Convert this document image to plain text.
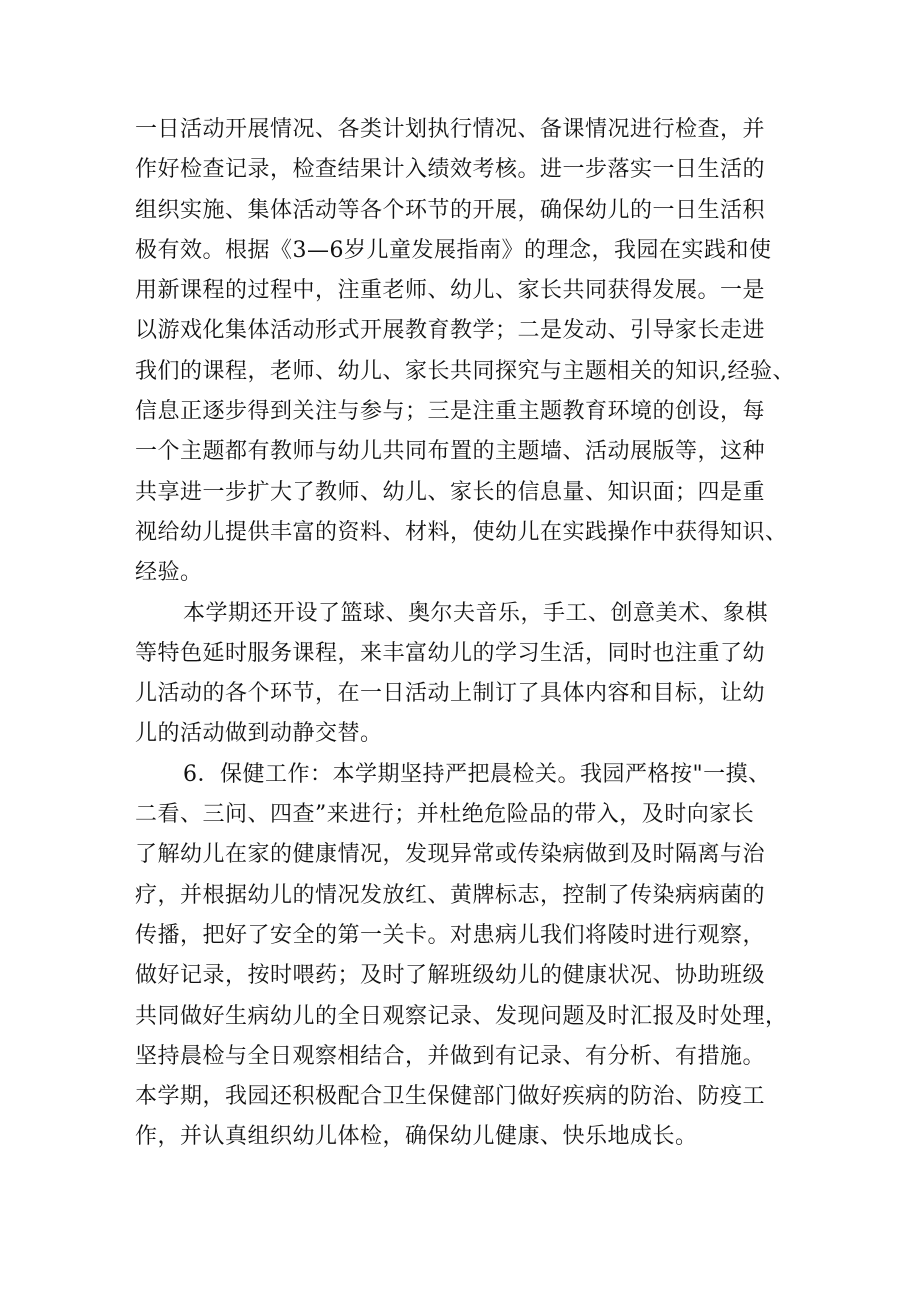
一日活动开展情况、各类计划执行情况、备课情况进行检查，并
作好检查记录，检查结果计入绩效考核。进一步落实一日生活的
组织实施、集体活动等各个环节的开展，确保幼儿的一日生活积
极有效。根据《3—6岁儿童发展指南》的理念，我园在实践和使
用新课程的过程中，注重老师、幼儿、家长共同获得发展。一是
以游戏化集体活动形式开展教育教学；二是发动、引导家长走进
我们的课程，老师、幼儿、家长共同探究与主题相关的知识,经验、
信息正逐步得到关注与参与；三是注重主题教育环境的创设，每
一个主题都有教师与幼儿共同布置的主题墙、活动展版等，这种
共享进一步扩大了教师、幼儿、家长的信息量、知识面；四是重
视给幼儿提供丰富的资料、材料，使幼儿在实践操作中获得知识、
经验。
本学期还开设了篮球、奥尔夫音乐，手工、创意美术、象棋
等特色延时服务课程，来丰富幼儿的学习生活，同时也注重了幼
儿活动的各个环节，在一日活动上制订了具体内容和目标，让幼
儿的活动做到动静交替。
6．保健工作：本学期坚持严把晨检关。我园严格按"一摸、
二看、三问、四查”来进行；并杜绝危险品的带入，及时向家长
了解幼儿在家的健康情况，发现异常或传染病做到及时隔离与治
疗，并根据幼儿的情况发放红、黄牌标志，控制了传染病病菌的
传播，把好了安全的第一关卡。对患病儿我们将陵时进行观察，
做好记录，按时喂药；及时了解班级幼儿的健康状况、协助班级
共同做好生病幼儿的全日观察记录、发现问题及时汇报及时处理，
坚持晨检与全日观察相结合，并做到有记录、有分析、有措施。
本学期，我园还积极配合卫生保健部门做好疾病的防治、防疫工
作，并认真组织幼儿体检，确保幼儿健康、快乐地成长。
